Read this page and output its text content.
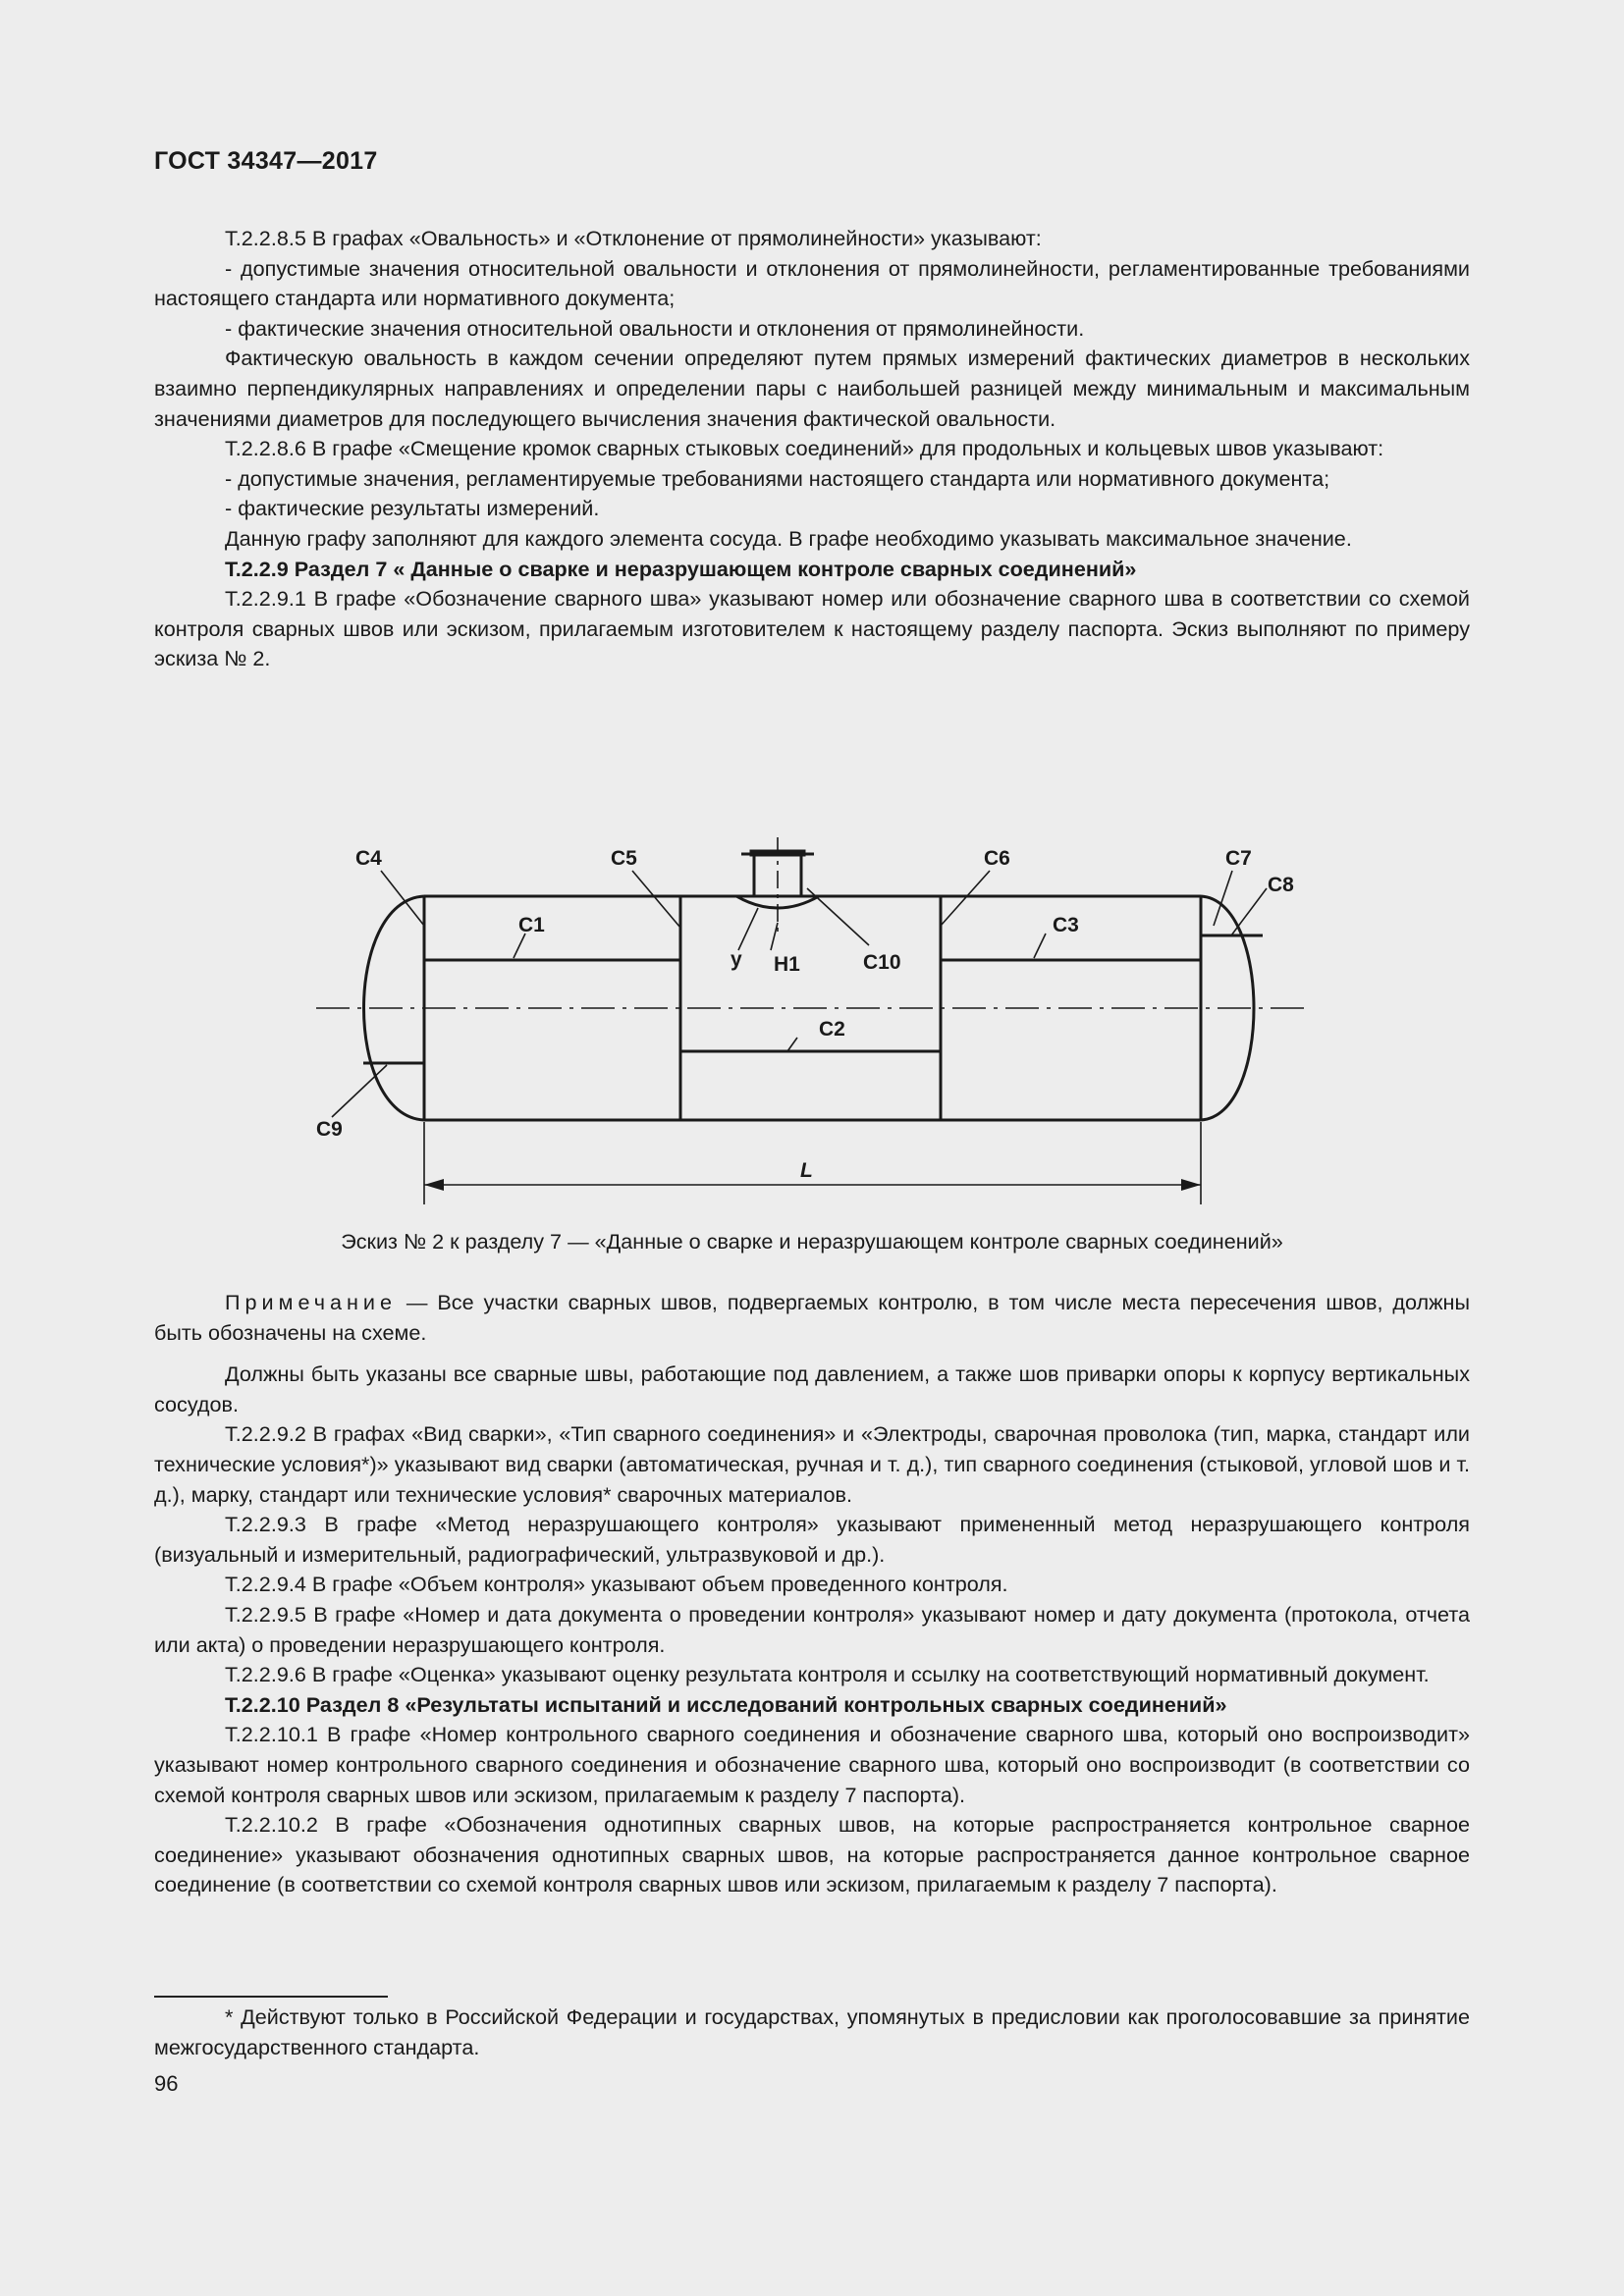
ГОСТ 34347—2017

Т.2.2.8.5 В графах «Овальность» и «Отклонение от прямолинейности» указывают:

- допустимые значения относительной овальности и отклонения от прямолинейности, регламентированные требованиями настоящего стандарта или нормативного документа;

- фактические значения относительной овальности и отклонения от прямолинейности.

Фактическую овальность в каждом сечении определяют путем прямых измерений фактических диаметров в нескольких взаимно перпендикулярных направлениях и определении пары с наибольшей разницей между минимальным и максимальным значениями диаметров для последующего вычисления значения фактической овальности.

Т.2.2.8.6 В графе «Смещение кромок сварных стыковых соединений» для продольных и кольцевых швов указывают:

- допустимые значения, регламентируемые требованиями настоящего стандарта или нормативного документа;

- фактические результаты измерений.

Данную графу заполняют для каждого элемента сосуда. В графе необходимо указывать максимальное значение.

Т.2.2.9 Раздел 7 « Данные о сварке и неразрушающем контроле сварных соединений»

Т.2.2.9.1 В графе «Обозначение сварного шва» указывают номер или обозначение сварного шва в соответствии со схемой контроля сварных швов или эскизом, прилагаемым изготовителем к настоящему разделу паспорта. Эскиз выполняют по примеру эскиза № 2.

С4	С5	С6	С7
С8
С1	С3
у Н1	С10
С2
С9
L
Эскиз № 2 к разделу 7 — «Данные о сварке и неразрушающем контроле сварных соединений»

Примечание — Все участки сварных швов, подвергаемых контролю, в том числе места пересечения швов, должны быть обозначены на схеме.

Должны быть указаны все сварные швы, работающие под давлением, а также шов приварки опоры к корпусу вертикальных сосудов.

Т.2.2.9.2 В графах «Вид сварки», «Тип сварного соединения» и «Электроды, сварочная проволока (тип, марка, стандарт или технические условия*)» указывают вид сварки (автоматическая, ручная и т. д.), тип сварного соединения (стыковой, угловой шов и т. д.), марку, стандарт или технические условия* сварочных материалов.

Т.2.2.9.3 В графе «Метод неразрушающего контроля» указывают примененный метод неразрушающего контроля (визуальный и измерительный, радиографический, ультразвуковой и др.).

Т.2.2.9.4 В графе «Объем контроля» указывают объем проведенного контроля.

Т.2.2.9.5 В графе «Номер и дата документа о проведении контроля» указывают номер и дату документа (протокола, отчета или акта) о проведении неразрушающего контроля.

Т.2.2.9.6 В графе «Оценка» указывают оценку результата контроля и ссылку на соответствующий нормативный документ.

Т.2.2.10 Раздел 8 «Результаты испытаний и исследований контрольных сварных соединений»

Т.2.2.10.1 В графе «Номер контрольного сварного соединения и обозначение сварного шва, который оно воспроизводит» указывают номер контрольного сварного соединения и обозначение сварного шва, который оно воспроизводит (в соответствии со схемой контроля сварных швов или эскизом, прилагаемым к разделу 7 паспорта).

Т.2.2.10.2 В графе «Обозначения однотипных сварных швов, на которые распространяется контрольное сварное соединение» указывают обозначения однотипных сварных швов, на которые распространяется данное контрольное сварное соединение (в соответствии со схемой контроля сварных швов или эскизом, прилагаемым к разделу 7 паспорта).

* Действуют только в Российской Федерации и государствах, упомянутых в предисловии как проголосовавшие за принятие межгосударственного стандарта.

96
